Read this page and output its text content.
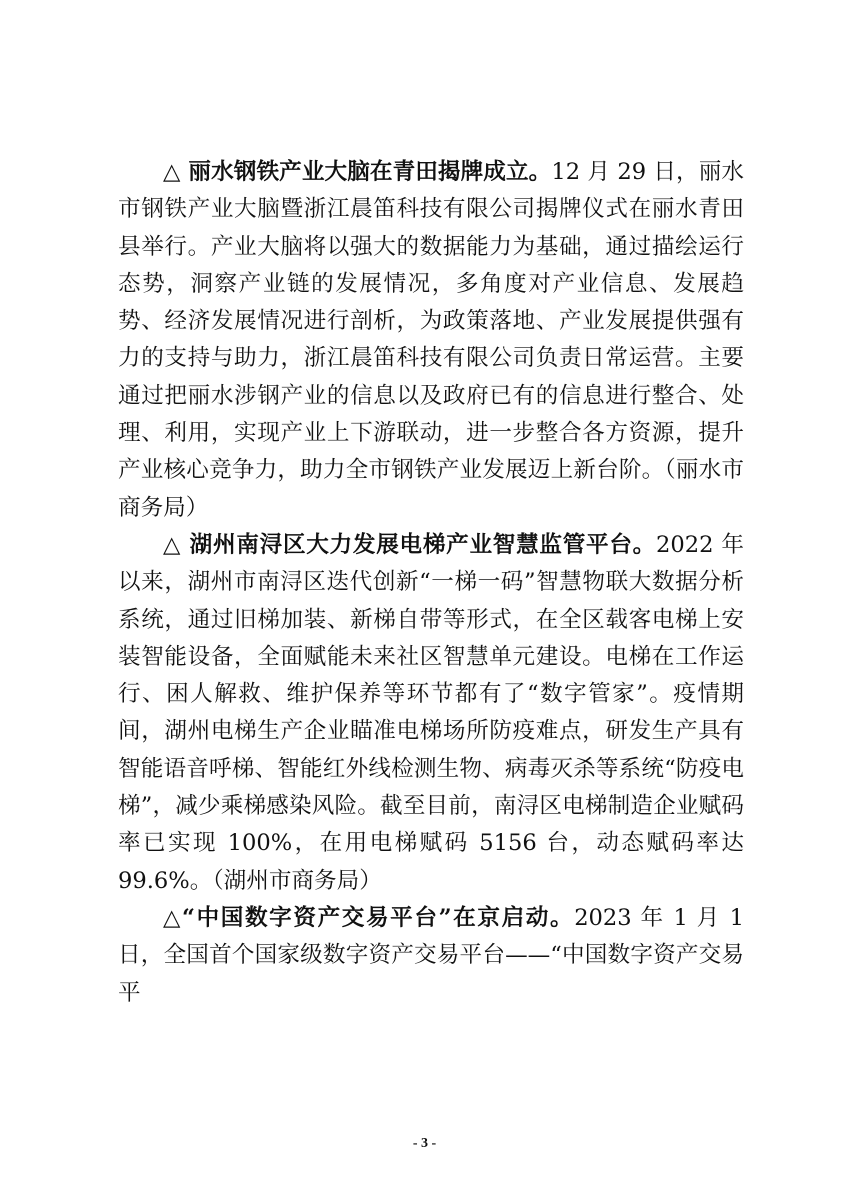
△ 丽水钢铁产业大脑在青田揭牌成立。12 月 29 日，丽水市钢铁产业大脑暨浙江晨笛科技有限公司揭牌仪式在丽水青田县举行。产业大脑将以强大的数据能力为基础，通过描绘运行态势，洞察产业链的发展情况，多角度对产业信息、发展趋势、经济发展情况进行剖析，为政策落地、产业发展提供强有力的支持与助力，浙江晨笛科技有限公司负责日常运营。主要通过把丽水涉钢产业的信息以及政府已有的信息进行整合、处理、利用，实现产业上下游联动，进一步整合各方资源，提升产业核心竞争力，助力全市钢铁产业发展迈上新台阶。（丽水市商务局）

△ 湖州南浔区大力发展电梯产业智慧监管平台。2022 年以来，湖州市南浔区迭代创新“一梯一码”智慧物联大数据分析系统，通过旧梯加装、新梯自带等形式，在全区载客电梯上安装智能设备，全面赋能未来社区智慧单元建设。电梯在工作运行、困人解救、维护保养等环节都有了“数字管家”。疫情期间，湖州电梯生产企业瞄准电梯场所防疫难点，研发生产具有智能语音呼梯、智能红外线检测生物、病毒灭杀等系统“防疫电梯”，减少乘梯感染风险。截至目前，南浔区电梯制造企业赋码率已实现 100%，在用电梯赋码 5156 台，动态赋码率达 99.6%。（湖州市商务局）

△“中国数字资产交易平台”在京启动。2023 年 1 月 1 日，全国首个国家级数字资产交易平台——“中国数字资产交易平

- 3 -
